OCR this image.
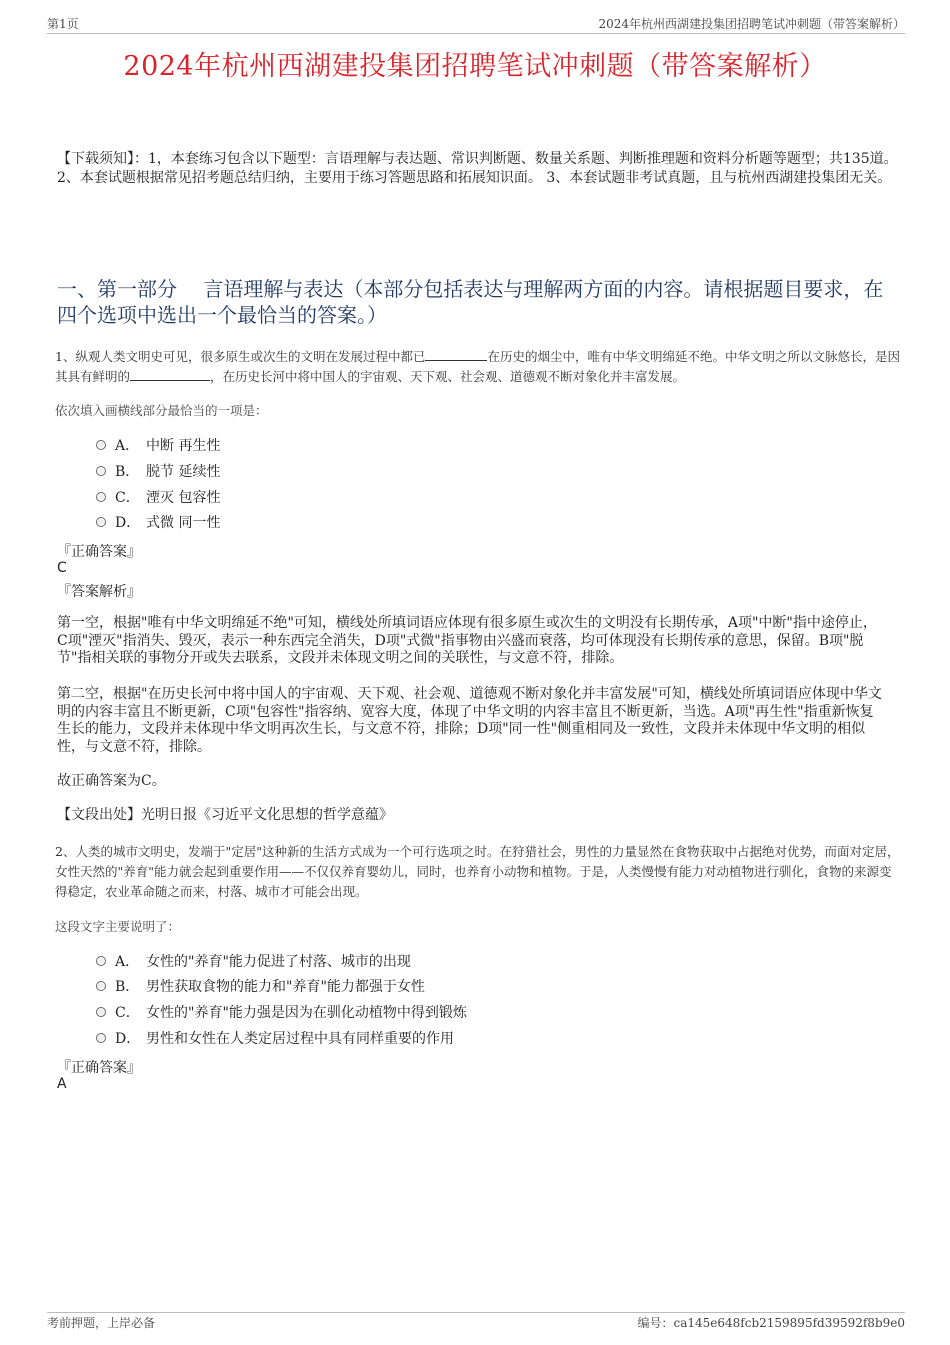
第1页	2024年杭州西湖建投集团招聘笔试冲刺题（带答案解析）
2024年杭州西湖建投集团招聘笔试冲刺题（带答案解析）
【下载须知】：1，本套练习包含以下题型：言语理解与表达题、常识判断题、数量关系题、判断推理题和资料分析题等题型；共135道。 2、本套试题根据常见招考题总结归纳，主要用于练习答题思路和拓展知识面。 3、本套试题非考试真题，且与杭州西湖建投集团无关。
一、第一部分　 言语理解与表达（本部分包括表达与理解两方面的内容。请根据题目要求，在四个选项中选出一个最恰当的答案。）
1、纵观人类文明史可见，很多原生或次生的文明在发展过程中都已	在历史的烟尘中，唯有中华文明绵延不绝。中华文明之所以文脉悠长，是因其具有鲜明的	，在历史长河中将中国人的宇宙观、天下观、社会观、道德观不断对象化并丰富发展。
依次填入画横线部分最恰当的一项是：
A． 中断 再生性
B． 脱节 延续性
C． 湮灭 包容性
D． 式微 同一性
『正确答案』
C
『答案解析』
第一空，根据"唯有中华文明绵延不绝"可知，横线处所填词语应体现有很多原生或次生的文明没有长期传承，A项"中断"指中途停止，C项"湮灭"指消失、毁灭，表示一种东西完全消失，D项"式微"指事物由兴盛而衰落，均可体现没有长期传承的意思，保留。B项"脱节"指相关联的事物分开或失去联系，文段并未体现文明之间的关联性，与文意不符，排除。
第二空，根据"在历史长河中将中国人的宇宙观、天下观、社会观、道德观不断对象化并丰富发展"可知，横线处所填词语应体现中华文明的内容丰富且不断更新，C项"包容性"指容纳、宽容大度，体现了中华文明的内容丰富且不断更新，当选。A项"再生性"指重新恢复生长的能力，文段并未体现中华文明再次生长，与文意不符，排除；D项"同一性"侧重相同及一致性，文段并未体现中华文明的相似性，与文意不符，排除。
故正确答案为C。
【文段出处】光明日报《习近平文化思想的哲学意蕴》
2、人类的城市文明史，发端于"定居"这种新的生活方式成为一个可行选项之时。在狩猎社会，男性的力量显然在食物获取中占据绝对优势，而面对定居，女性天然的"养育"能力就会起到重要作用——不仅仅养育婴幼儿，同时，也养育小动物和植物。于是，人类慢慢有能力对动植物进行驯化，食物的来源变得稳定，农业革命随之而来，村落、城市才可能会出现。
这段文字主要说明了：
A． 女性的"养育"能力促进了村落、城市的出现
B． 男性获取食物的能力和"养育"能力都强于女性
C． 女性的"养育"能力强是因为在驯化动植物中得到锻炼
D． 男性和女性在人类定居过程中具有同样重要的作用
『正确答案』
A
考前押题，上岸必备	编号：ca145e648fcb2159895fd39592f8b9e0
